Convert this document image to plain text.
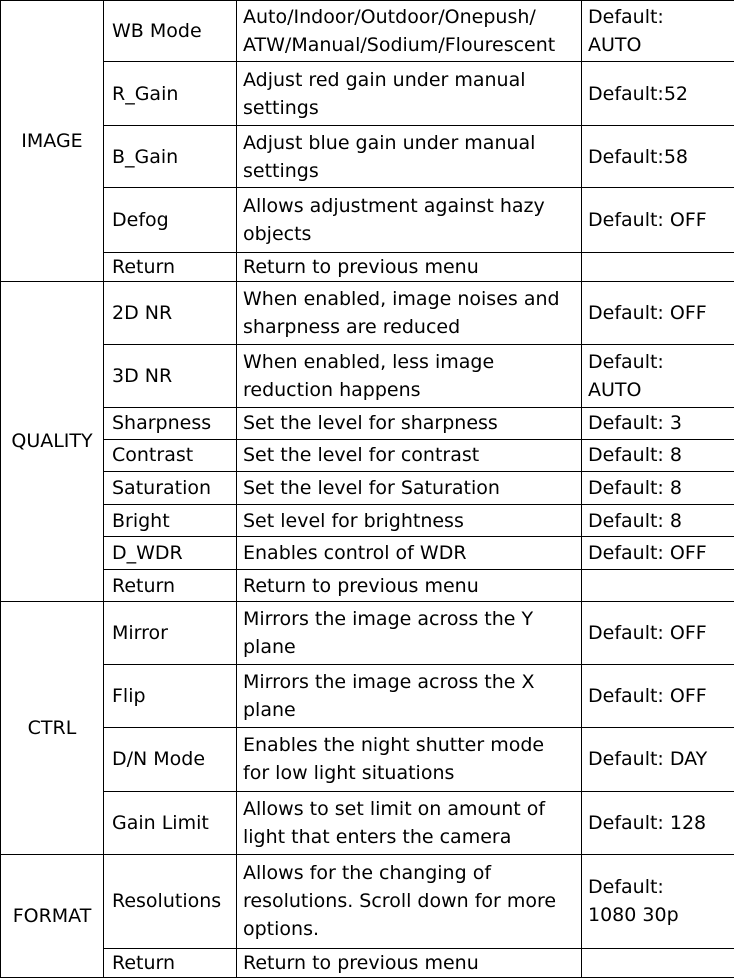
IMAGE	WB Mode	Auto/Indoor/Outdoor/Onepush/
ATW/Manual/Sodium/Flourescent	Default:
AUTO
	R_Gain	Adjust red gain under manual
settings	Default:52
	B_Gain	Adjust blue gain under manual
settings	Default:58
	Defog	Allows adjustment against hazy
objects	Default: OFF
	Return	Return to previous menu	
QUALITY	2D NR	When enabled, image noises and
sharpness are reduced	Default: OFF
	3D NR	When enabled, less image
reduction happens	Default:
AUTO
	Sharpness	Set the level for sharpness	Default: 3
	Contrast	Set the level for contrast	Default: 8
	Saturation	Set the level for Saturation	Default: 8
	Bright	Set level for brightness	Default: 8
	D_WDR	Enables control of WDR	Default: OFF
	Return	Return to previous menu	
CTRL	Mirror	Mirrors the image across the Y
plane	Default: OFF
	Flip	Mirrors the image across the X
plane	Default: OFF
	D/N Mode	Enables the night shutter mode
for low light situations	Default: DAY
	Gain Limit	Allows to set limit on amount of
light that enters the camera	Default: 128
FORMAT	Resolutions	Allows for the changing of
resolutions. Scroll down for more
options.	Default:
1080 30p
	Return	Return to previous menu	
